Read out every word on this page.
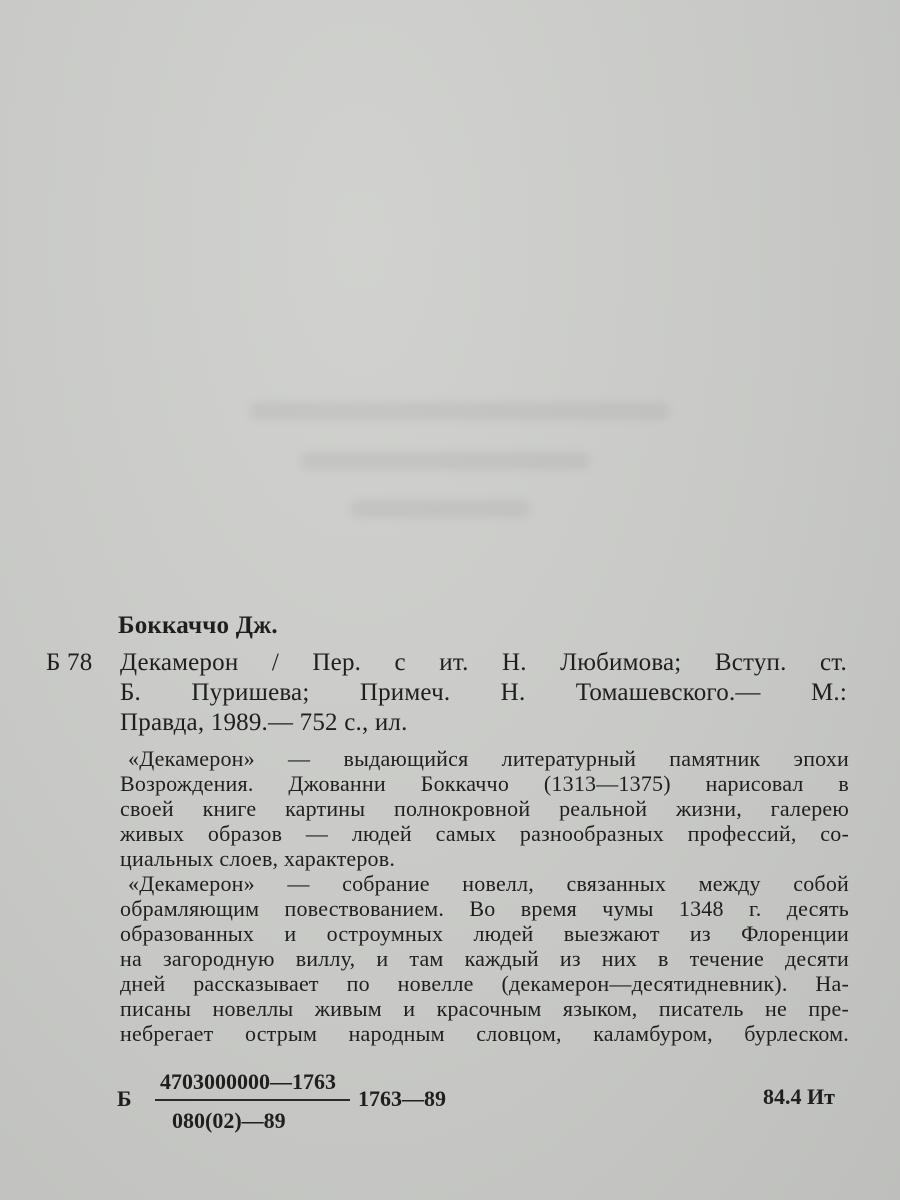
Боккаччо Дж.
Б 78 Декамерон / Пер. с ит. Н. Любимова; Вступ. ст.
Б. Пуришева; Примеч. Н. Томашевского.— М.:
Правда, 1989.— 752 с., ил.
«Декамерон» — выдающийся литературный памятник эпохи
Возрождения. Джованни Боккаччо (1313—1375) нарисовал в
своей книге картины полнокровной реальной жизни, галерею
живых образов — людей самых разнообразных профессий, со-
циальных слоев, характеров.
«Декамерон» — собрание новелл, связанных между собой
обрамляющим повествованием. Во время чумы 1348 г. десять
образованных и остроумных людей выезжают из Флоренции
на загородную виллу, и там каждый из них в течение десяти
дней рассказывает по новелле (декамерон—десятидневник). На-
писаны новеллы живым и красочным языком, писатель не пре-
небрегает острым народным словцом, каламбуром, бурлеском.
Б
4703000000—1763
080(02)—89
1763—89	84.4 Ит
